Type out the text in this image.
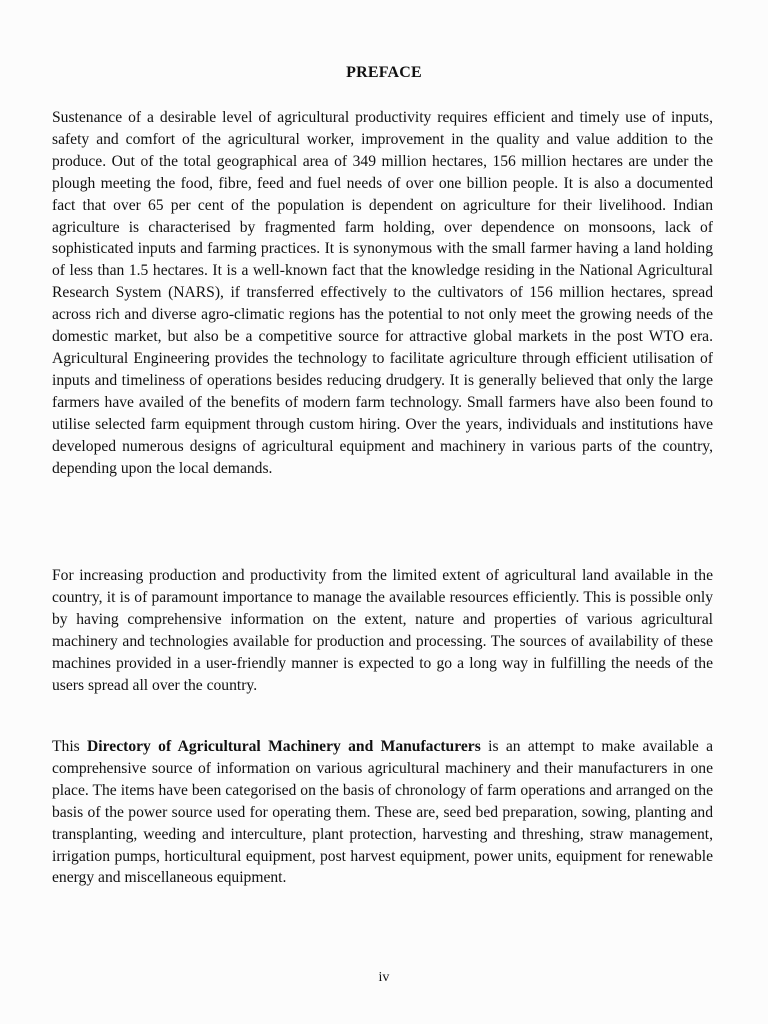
PREFACE

Sustenance of a desirable level of agricultural productivity requires efficient and timely use of inputs, safety and comfort of the agricultural worker, improvement in the quality and value addition to the produce. Out of the total geographical area of 349 million hectares, 156 million hectares are under the plough meeting the food, fibre, feed and fuel needs of over one billion people. It is also a documented fact that over 65 per cent of the population is dependent on agriculture for their livelihood. Indian agriculture is characterised by fragmented farm holding, over dependence on monsoons, lack of sophisticated inputs and farming practices. It is synonymous with the small farmer having a land holding of less than 1.5 hectares. It is a well-known fact that the knowledge residing in the National Agricultural Research System (NARS), if transferred effectively to the cultivators of 156 million hectares, spread across rich and diverse agro-climatic regions has the potential to not only meet the growing needs of the domestic market, but also be a competitive source for attractive global markets in the post WTO era. Agricultural Engineering provides the technology to facilitate agriculture through efficient utilisation of inputs and timeliness of operations besides reducing drudgery. It is generally believed that only the large farmers have availed of the benefits of modern farm technology. Small farmers have also been found to utilise selected farm equipment through custom hiring. Over the years, individuals and institutions have developed numerous designs of agricultural equipment and machinery in various parts of the country, depending upon the local demands.

For increasing production and productivity from the limited extent of agricultural land available in the country, it is of paramount importance to manage the available resources efficiently. This is possible only by having comprehensive information on the extent, nature and properties of various agricultural machinery and technologies available for production and processing. The sources of availability of these machines provided in a user-friendly manner is expected to go a long way in fulfilling the needs of the users spread all over the country.

This Directory of Agricultural Machinery and Manufacturers is an attempt to make available a comprehensive source of information on various agricultural machinery and their manufacturers in one place. The items have been categorised on the basis of chronology of farm operations and arranged on the basis of the power source used for operating them. These are, seed bed preparation, sowing, planting and transplanting, weeding and interculture, plant protection, harvesting and threshing, straw management, irrigation pumps, horticultural equipment, post harvest equipment, power units, equipment for renewable energy and miscellaneous equipment.

iv
